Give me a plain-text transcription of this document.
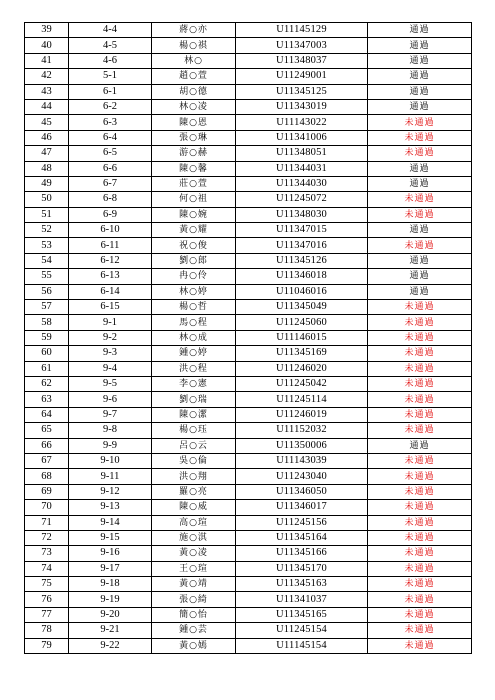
39	4-4	蔣○亦	U11145129	通過
40	4-5	楊○祺	U11347003	通過
41	4-6	林○	U11348037	通過
42	5-1	趙○萱	U11249001	通過
43	6-1	胡○德	U11345125	通過
44	6-2	林○凌	U11343019	通過
45	6-3	陳○恩	U11143022	未通過
46	6-4	張○琳	U11341006	未通過
47	6-5	游○赫	U11348051	未通過
48	6-6	陳○馨	U11344031	通過
49	6-7	莊○萱	U11344030	通過
50	6-8	何○祖	U11245072	未通過
51	6-9	陳○婉	U11348030	未通過
52	6-10	黃○耀	U11347015	通過
53	6-11	祝○俊	U11347016	未通過
54	6-12	劉○郎	U11345126	通過
55	6-13	冉○伶	U11346018	通過
56	6-14	林○婷	U11046016	通過
57	6-15	楊○哲	U11345049	未通過
58	9-1	馬○程	U11245060	未通過
59	9-2	林○成	U11146015	未通過
60	9-3	鍾○婷	U11345169	未通過
61	9-4	洪○程	U11246020	未通過
62	9-5	李○憲	U11245042	未通過
63	9-6	劉○瑞	U11245114	未通過
64	9-7	陳○潔	U11246019	未通過
65	9-8	楊○珏	U11152032	未通過
66	9-9	呂○云	U11350006	通過
67	9-10	吳○倫	U11143039	未通過
68	9-11	洪○翔	U11243040	未通過
69	9-12	羅○亮	U11346050	未通過
70	9-13	陳○威	U11346017	未通過
71	9-14	高○瑄	U11245156	未通過
72	9-15	施○淇	U11345164	未通過
73	9-16	黃○凌	U11345166	未通過
74	9-17	王○瑄	U11345170	未通過
75	9-18	黃○靖	U11345163	未通過
76	9-19	張○綺	U11341037	未通過
77	9-20	簡○怡	U11345165	未通過
78	9-21	鍾○芸	U11245154	未通過
79	9-22	黃○嫣	U11145154	未通過
